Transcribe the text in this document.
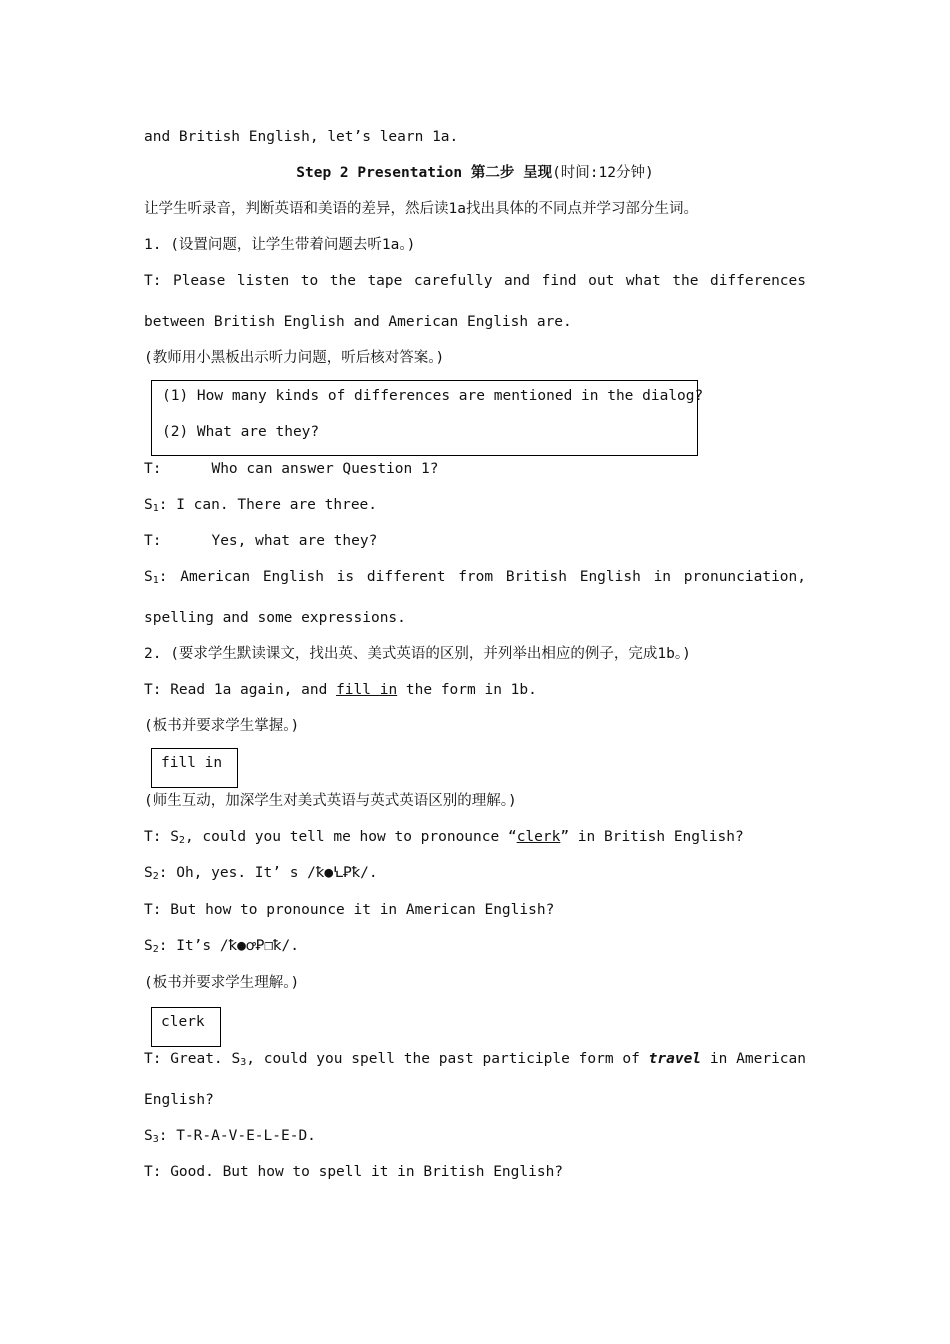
and British English, let’s learn 1a.
Step 2 Presentation 第二步 呈现(时间:12分钟)
让学生听录音，判断英语和美语的差异，然后读1a找出具体的不同点并学习部分生词。
1. (设置问题，让学生带着问题去听1a。)
T: Please listen to the tape carefully and find out what the differences
between British English and American English are.
(教师用小黑板出示听力问题，听后核对答案。)
(1) How many kinds of differences are mentioned in the dialog?
(2) What are they?
T:	Who can answer Question 1?
$S_1$: I can. There are three.
T:	Yes, what are they?
$S_1$: American English is different from British English in pronunciation,
spelling and some expressions.
2. (要求学生默读课文，找出英、美式英语的区别，并列举出相应的例子，完成1b。)
T: Read 1a again, and fill in the form in 1b.
(板书并要求学生掌握。)
fill in
(师生互动，加深学生对美式英语与英式英语区别的理解。)
T: $S_2$, could you tell me how to pronounce “clerk” in British English?
$S_2$: Oh, yes. It’ s /ꝁ●ꝆꝐꝁ/.
T: But how to pronounce it in American English?
$S_2$: It’s /ꝁ●ꝍꝐ❒ꝁ/.
(板书并要求学生理解。)
clerk
T: Great. $S_3$, could you spell the past participle form of travel in American
English?
$S_3$: T-R-A-V-E-L-E-D.
T: Good. But how to spell it in British English?
